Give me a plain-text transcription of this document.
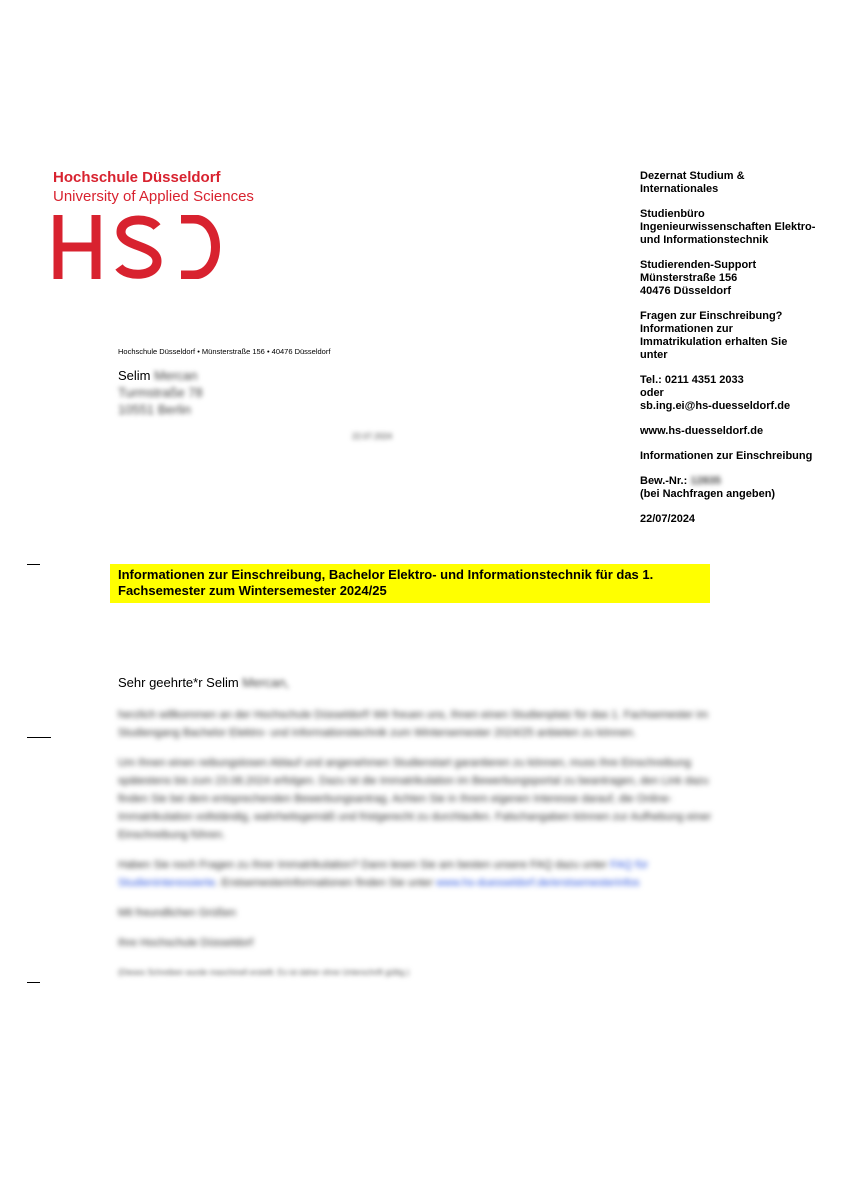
Hochschule Düsseldorf
University of Applied Sciences
Dezernat Studium &
Internationales
Studienbüro
Ingenieurwissenschaften Elektro-
und Informationstechnik
Studierenden-Support
Münsterstraße 156
40476 Düsseldorf
Fragen zur Einschreibung?
Informationen zur
Immatrikulation erhalten Sie
unter
Tel.: 0211 4351 2033
oder
sb.ing.ei@hs-duesseldorf.de
www.hs-duesseldorf.de
Informationen zur Einschreibung
Bew.-Nr.: 12835
(bei Nachfragen angeben)
22/07/2024
Hochschule Düsseldorf • Münsterstraße 156 • 40476 Düsseldorf
Selim Mercan
Turmstraße 78
10551 Berlin
22.07.2024
Informationen zur Einschreibung, Bachelor Elektro- und Informationstechnik für das 1. Fachsemester zum Wintersemester 2024/25
Sehr geehrte*r Selim Mercan,

herzlich willkommen an der Hochschule Düsseldorf! Wir freuen uns, Ihnen einen Studienplatz für das 1. Fachsemester im Studiengang Bachelor Elektro- und Informationstechnik zum Wintersemester 2024/25 anbieten zu können.

Um Ihnen einen reibungslosen Ablauf und angenehmen Studienstart garantieren zu können, muss Ihre Einschreibung spätestens bis zum 23.08.2024 erfolgen. Dazu ist die Immatrikulation im Bewerbungsportal zu beantragen, den Link dazu finden Sie bei dem entsprechenden Bewerbungsantrag. Achten Sie in Ihrem eigenen Interesse darauf, die Online-Immatrikulation vollständig, wahrheitsgemäß und fristgerecht zu durchlaufen. Falschangaben können zur Aufhebung einer Einschreibung führen.

Haben Sie noch Fragen zu Ihrer Immatrikulation? Dann lesen Sie am besten unsere FAQ dazu unter FAQ für Studieninteressierte. Erstsemesterinformationen finden Sie unter www.hs-duesseldorf.de/erstsemesterinfos

Mit freundlichen Grüßen

Ihre Hochschule Düsseldorf

(Dieses Schreiben wurde maschinell erstellt. Es ist daher ohne Unterschrift gültig.)
